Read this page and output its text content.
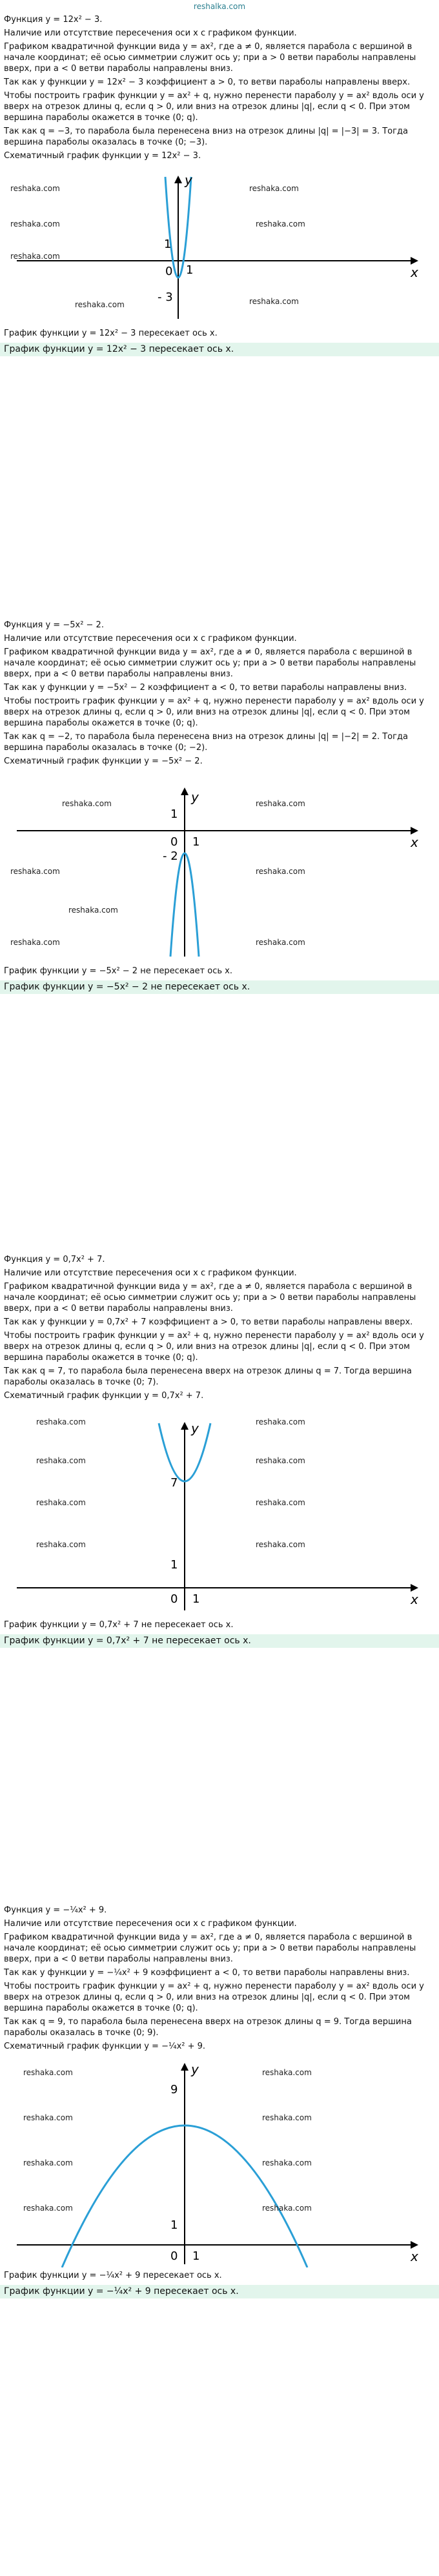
reshalka.com

Функция y = 12x² − 3.

Наличие или отсутствие пересечения оси x с графиком функции.

Графиком квадратичной функции вида y = ax², где a ≠ 0, является парабола с вершиной в начале координат; её осью симметрии служит ось y; при a > 0 ветви параболы направлены вверх, при a < 0 ветви параболы направлены вниз.

Так как у функции y = 12x² − 3 коэффициент a > 0, то ветви параболы направлены вверх.

Чтобы построить график функции y = ax² + q, нужно перенести параболу y = ax² вдоль оси y вверх на отрезок длины q, если q > 0, или вниз на отрезок длины |q|, если q < 0. При этом вершина параболы окажется в точке (0; q).

Так как q = −3, то парабола была перенесена вниз на отрезок длины |q| = |−3| = 3. Тогда вершина параболы оказалась в точке (0; −3).

Схематичный график функции y = 12x² − 3.

x
y
1
1
0
- 3
reshaka.com	reshaka.com
reshaka.com	reshaka.com
reshaka.com
reshaka.com	reshaka.com

График функции y = 12x² − 3 пересекает ось x.

График функции y = 12x² − 3 пересекает ось x.

Функция y = −5x² − 2.

Наличие или отсутствие пересечения оси x с графиком функции.

Графиком квадратичной функции вида y = ax², где a ≠ 0, является парабола с вершиной в начале координат; её осью симметрии служит ось y; при a > 0 ветви параболы направлены вверх, при a < 0 ветви параболы направлены вниз.

Так как у функции y = −5x² − 2 коэффициент a < 0, то ветви параболы направлены вниз.

Чтобы построить график функции y = ax² + q, нужно перенести параболу y = ax² вдоль оси y вверх на отрезок длины q, если q > 0, или вниз на отрезок длины |q|, если q < 0. При этом вершина параболы окажется в точке (0; q).

Так как q = −2, то парабола была перенесена вниз на отрезок длины |q| = |−2| = 2. Тогда вершина параболы оказалась в точке (0; −2).

Схематичный график функции y = −5x² − 2.

x
y
1
1
0
- 2
reshaka.com	reshaka.com
reshaka.com	reshaka.com
reshaka.com
reshaka.com	reshaka.com

График функции y = −5x² − 2 не пересекает ось x.

График функции y = −5x² − 2 не пересекает ось x.

Функция y = 0,7x² + 7.

Наличие или отсутствие пересечения оси x с графиком функции.

Графиком квадратичной функции вида y = ax², где a ≠ 0, является парабола с вершиной в начале координат; её осью симметрии служит ось y; при a > 0 ветви параболы направлены вверх, при a < 0 ветви параболы направлены вниз.

Так как у функции y = 0,7x² + 7 коэффициент a > 0, то ветви параболы направлены вверх.

Чтобы построить график функции y = ax² + q, нужно перенести параболу y = ax² вдоль оси y вверх на отрезок длины q, если q > 0, или вниз на отрезок длины |q|, если q < 0. При этом вершина параболы окажется в точке (0; q).

Так как q = 7, то парабола была перенесена вверх на отрезок длины q = 7. Тогда вершина параболы оказалась в точке (0; 7).

Схематичный график функции y = 0,7x² + 7.

x
y
1
1
0
7
reshaka.com	reshaka.com
reshaka.com	reshaka.com
reshaka.com	reshaka.com
reshaka.com	reshaka.com

График функции y = 0,7x² + 7 не пересекает ось x.

График функции y = 0,7x² + 7 не пересекает ось x.

Функция y = −¼x² + 9.

Наличие или отсутствие пересечения оси x с графиком функции.

Графиком квадратичной функции вида y = ax², где a ≠ 0, является парабола с вершиной в начале координат; её осью симметрии служит ось y; при a > 0 ветви параболы направлены вверх, при a < 0 ветви параболы направлены вниз.

Так как у функции y = −¼x² + 9 коэффициент a < 0, то ветви параболы направлены вниз.

Чтобы построить график функции y = ax² + q, нужно перенести параболу y = ax² вдоль оси y вверх на отрезок длины q, если q > 0, или вниз на отрезок длины |q|, если q < 0. При этом вершина параболы окажется в точке (0; q).

Так как q = 9, то парабола была перенесена вверх на отрезок длины q = 9. Тогда вершина параболы оказалась в точке (0; 9).

Схематичный график функции y = −¼x² + 9.

x
y
1
1
0
9
reshaka.com	reshaka.com
reshaka.com	reshaka.com
reshaka.com	reshaka.com
reshaka.com	reshaka.com

График функции y = −¼x² + 9 пересекает ось x.

График функции y = −¼x² + 9 пересекает ось x.
